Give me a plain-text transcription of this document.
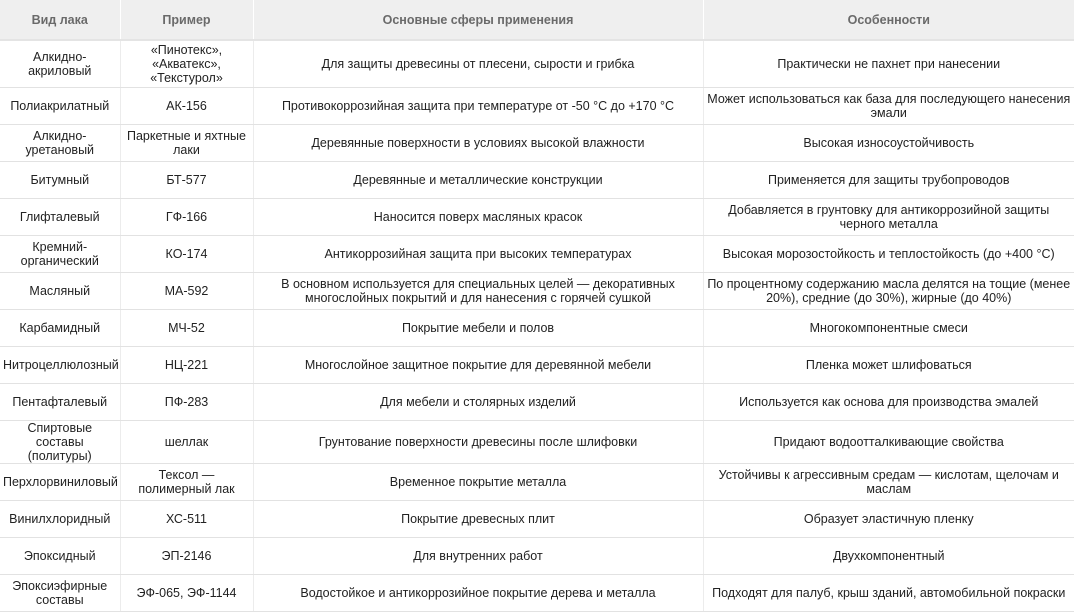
Вид лака	Пример	Основные сферы применения	Особенности
Алкидно-акриловый	«Пинотекс», «Акватекс», «Текстурол»	Для защиты древесины от плесени, сырости и грибка	Практически не пахнет при нанесении
Полиакрилатный	АК-156	Противокоррозийная защита при температуре от -50 °С до +170 °С	Может использоваться как база для последующего нанесения эмали
Алкидно-уретановый	Паркетные и яхтные лаки	Деревянные поверхности в условиях высокой влажности	Высокая износоустойчивость
Битумный	БТ-577	Деревянные и металлические конструкции	Применяется для защиты трубопроводов
Глифталевый	ГФ-166	Наносится поверх масляных красок	Добавляется в грунтовку для антикоррозийной защиты черного металла
Кремний-органический	КО-174	Антикоррозийная защита при высоких температурах	Высокая морозостойкость и теплостойкость (до +400 °С)
Масляный	МА-592	В основном используется для специальных целей — декоративных многослойных покрытий и для нанесения с горячей сушкой	По процентному содержанию масла делятся на тощие (менее 20%), средние (до 30%), жирные (до 40%)
Карбамидный	МЧ-52	Покрытие мебели и полов	Многокомпонентные смеси
Нитроцеллюлозный	НЦ-221	Многослойное защитное покрытие для деревянной мебели	Пленка может шлифоваться
Пентафталевый	ПФ-283	Для мебели и столярных изделий	Используется как основа для производства эмалей
Спиртовые составы (политуры)	шеллак	Грунтование поверхности древесины после шлифовки	Придают водоотталкивающие свойства
Перхлорвиниловый	Тексол — полимерный лак	Временное покрытие металла	Устойчивы к агрессивным средам — кислотам, щелочам и маслам
Винилхлоридный	ХС-511	Покрытие древесных плит	Образует эластичную пленку
Эпоксидный	ЭП-2146	Для внутренних работ	Двухкомпонентный
Эпоксиэфирные составы	ЭФ-065, ЭФ-1144	Водостойкое и антикоррозийное покрытие дерева и металла	Подходят для палуб, крыш зданий, автомобильной покраски
